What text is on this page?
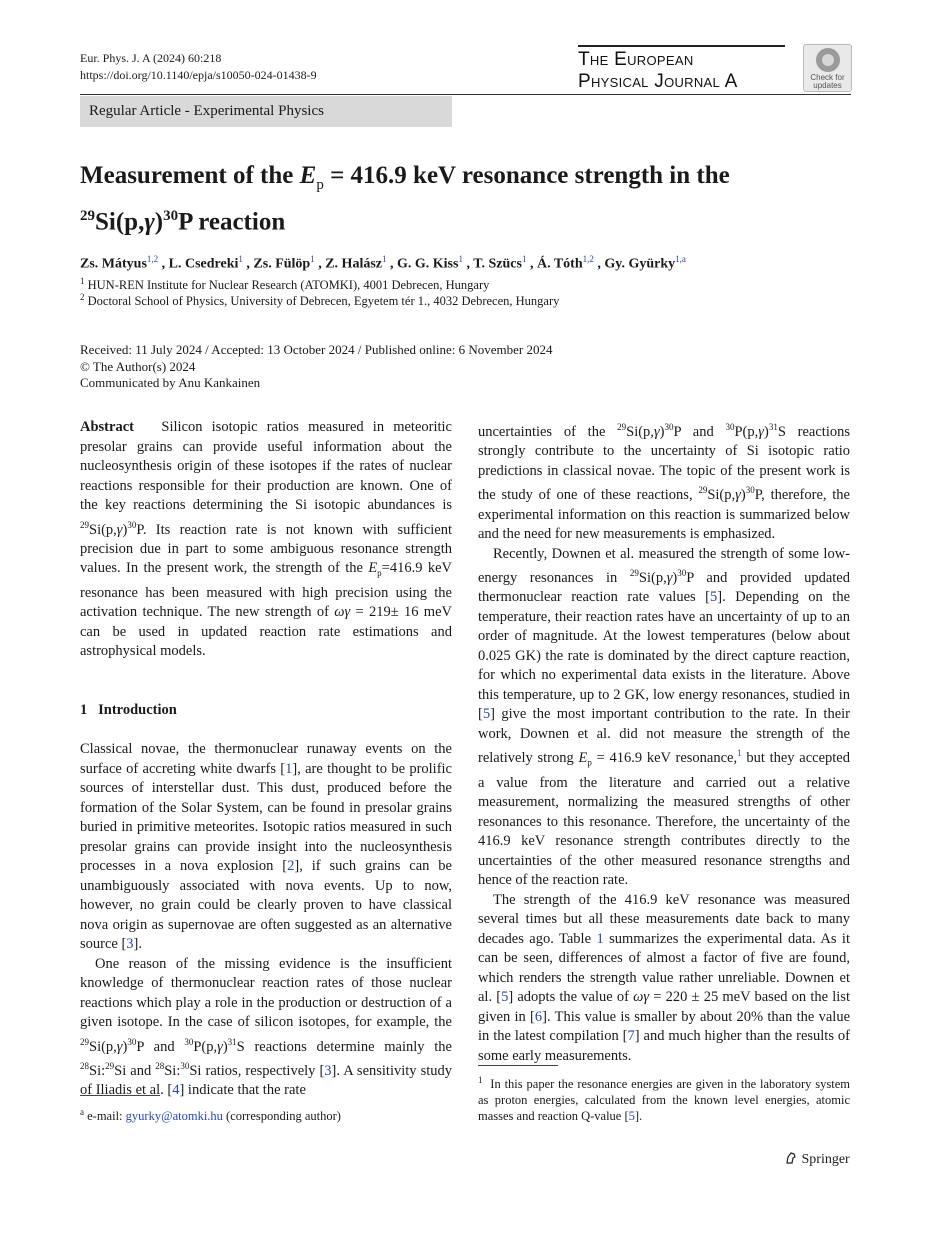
Eur. Phys. J. A (2024) 60:218
https://doi.org/10.1140/epja/s10050-024-01438-9
The European
Physical Journal A	Check for
updates
Regular Article - Experimental Physics
Measurement of the $E_p = 416.9$ keV resonance strength in the
$^{29}Si(p,\gamma)^{30}P$ reaction
Zs. Mátyus$^{1,2}$ , L. Csedreki$^1$ , Zs. Fülöp$^1$ , Z. Halász$^1$ , G. G. Kiss$^1$ , T. Szücs$^1$ , Á. Tóth$^{1,2}$ , Gy. Gyürky$^{1,a}$
$^1$ HUN-REN Institute for Nuclear Research (ATOMKI), 4001 Debrecen, Hungary
$^2$ Doctoral School of Physics, University of Debrecen, Egyetem tér 1., 4032 Debrecen, Hungary
Received: 11 July 2024 / Accepted: 13 October 2024 / Published online: 6 November 2024
© The Author(s) 2024
Communicated by Anu Kankainen

Abstract Silicon isotopic ratios measured in meteoritic presolar grains can provide useful information about the nucleosynthesis origin of these isotopes if the rates of nuclear reactions responsible for their production are known. One of the key reactions determining the Si isotopic abundances is $^{29}Si(p,\gamma)^{30}P$. Its reaction rate is not known with sufficient precision due in part to some ambiguous resonance strength values. In the present work, the strength of the $E_p=416.9$ keV resonance has been measured with high precision using the activation technique. The new strength of ωγ = 219± 16 meV can be used in updated reaction rate estimations and astrophysical models.

1 Introduction

Classical novae, the thermonuclear runaway events on the surface of accreting white dwarfs [1], are thought to be prolific sources of interstellar dust. This dust, produced before the formation of the Solar System, can be found in presolar grains buried in primitive meteorites. Isotopic ratios measured in such presolar grains can provide insight into the nucleosynthesis processes in a nova explosion [2], if such grains can be unambiguously associated with nova events. Up to now, however, no grain could be clearly proven to have classical nova origin as supernovae are often suggested as an alternative source [3].

One reason of the missing evidence is the insufficient knowledge of thermonuclear reaction rates of those nuclear reactions which play a role in the production or destruction of a given isotope. In the case of silicon isotopes, for example, the $^{29}Si(p,\gamma)^{30}P$ and $^{30}P(p,\gamma)^{31}S$ reactions determine mainly the $^{28}$Si:$^{29}$Si and $^{28}$Si:$^{30}$Si ratios, respectively [3]. A sensitivity study of Iliadis et al. [4] indicate that the rate

$^a$ e-mail: gyurky@atomki.hu (corresponding author)

uncertainties of the $^{29}Si(p,\gamma)^{30}P$ and $^{30}P(p,\gamma)^{31}S$ reactions strongly contribute to the uncertainty of Si isotopic ratio predictions in classical novae. The topic of the present work is the study of one of these reactions, $^{29}Si(p,\gamma)^{30}P$, therefore, the experimental information on this reaction is summarized below and the need for new measurements is emphasized.

Recently, Downen et al. measured the strength of some low-energy resonances in $^{29}Si(p,\gamma)^{30}P$ and provided updated thermonuclear reaction rate values [5]. Depending on the temperature, their reaction rates have an uncertainty of up to an order of magnitude. At the lowest temperatures (below about 0.025 GK) the rate is dominated by the direct capture reaction, for which no experimental data exists in the literature. Above this temperature, up to 2 GK, low energy resonances, studied in [5] give the most important contribution to the rate. In their work, Downen et al. did not measure the strength of the relatively strong $E_p = 416.9$ keV resonance,$^1$ but they accepted a value from the literature and carried out a relative measurement, normalizing the measured strengths of other resonances to this resonance. Therefore, the uncertainty of the 416.9 keV resonance strength contributes directly to the uncertainties of the other measured resonance strengths and hence of the reaction rate.

The strength of the 416.9 keV resonance was measured several times but all these measurements date back to many decades ago. Table 1 summarizes the experimental data. As it can be seen, differences of almost a factor of five are found, which renders the strength value rather unreliable. Downen et al. [5] adopts the value of ωγ = 220 ± 25 meV based on the list given in [6]. This value is smaller by about 20% than the value in the latest compilation [7] and much higher than the results of some early measurements.

$^1$ In this paper the resonance energies are given in the laboratory system as proton energies, calculated from the known level energies, atomic masses and reaction Q-value [5].
Springer
